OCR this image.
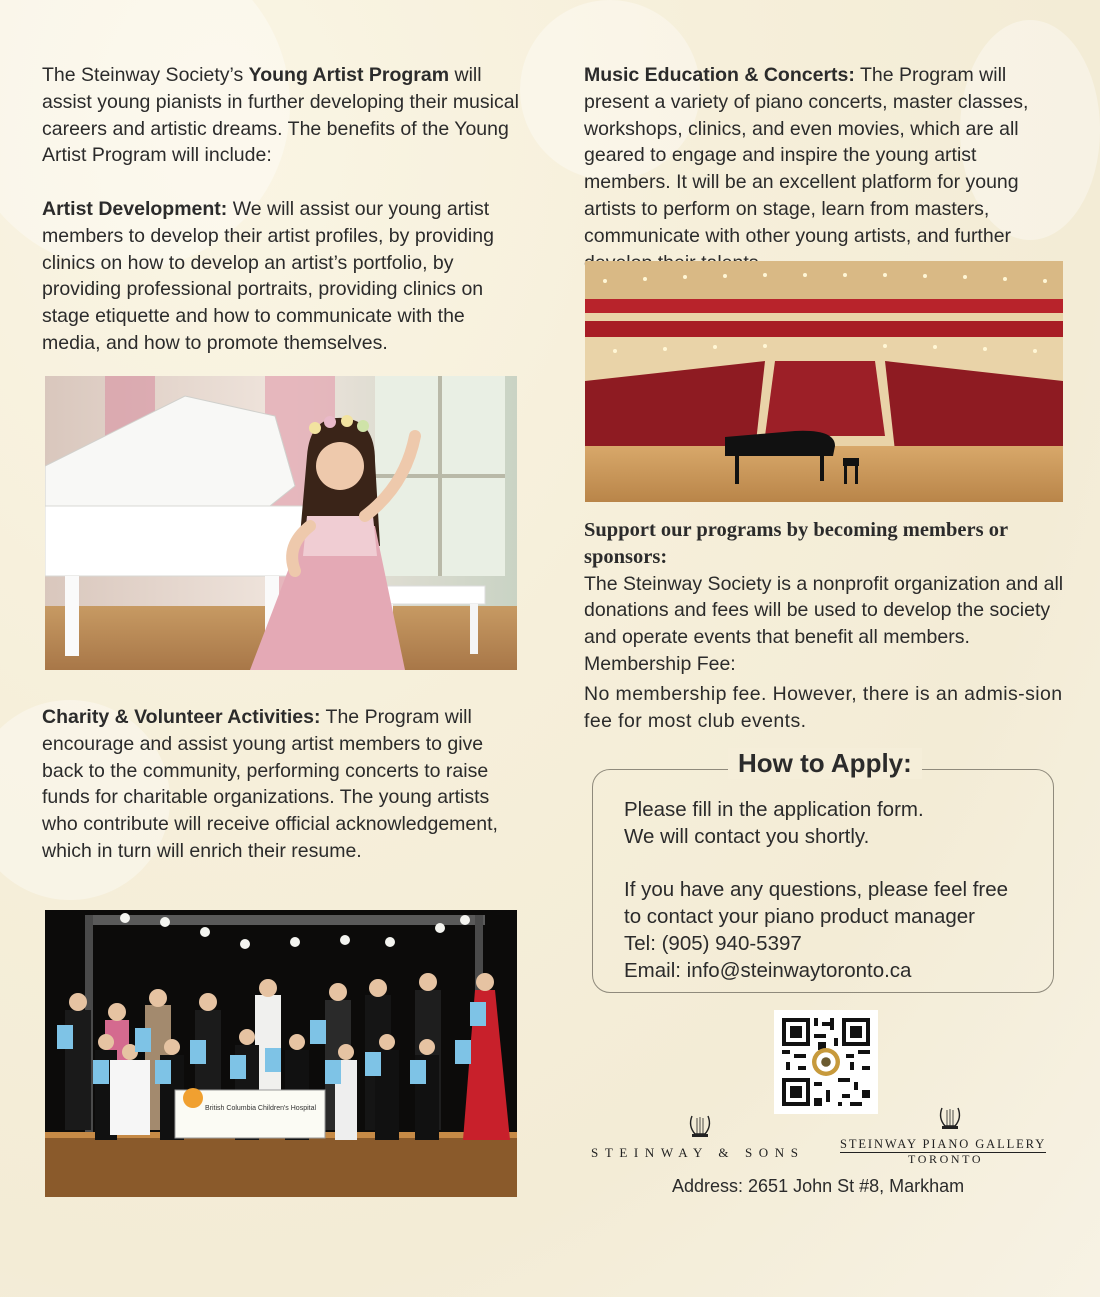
The Steinway Society’s Young Artist Program will assist young pianists in further developing their musical careers and artistic dreams. The benefits of the Young Artist Program will include:

Artist Development: We will assist our young artist members to develop their artist profiles, by providing clinics on how to develop an artist’s portfolio, by providing professional portraits, providing clinics on stage etiquette and how to communicate with the media, and how to promote themselves.

Charity & Volunteer Activities: The Program will encourage and assist young artist members to give back to the community, performing concerts to raise funds for charitable organizations. The young artists who contribute will receive official acknowledgement, which in turn will enrich their resume.

British Columbia Children's Hospital

Music Education & Concerts: The Program will present a variety of piano concerts, master classes, workshops, clinics, and even movies, which are all geared to engage and inspire the young artist members. It will be an excellent platform for young artists to perform on stage, learn from masters, communicate with other young artists, and further

Support our programs by becoming members or sponsors:

The Steinway Society is a nonprofit organization and all donations and fees will be used to develop the society and operate events that benefit all members.

Membership Fee:

No membership fee. However, there is an admis-sion fee for most club events.

How to Apply:

Please fill in the application form.

We will contact you shortly.

If you have any questions, please feel free

to contact your piano product manager

Tel: (905) 940-5397

Email: info@steinwaytoronto.ca

STEINWAY & SONS
STEINWAY PIANO GALLERY
TORONTO
Address: 2651 John St #8, Markham
